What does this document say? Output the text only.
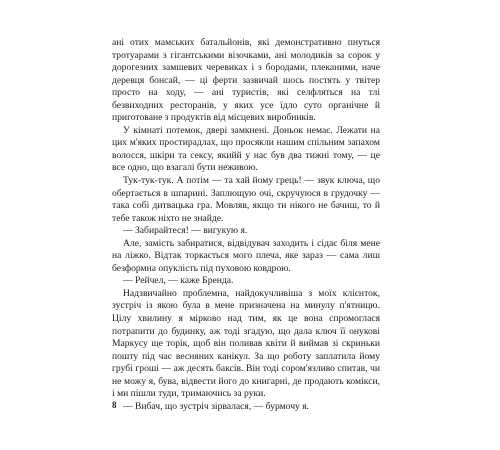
ані отих мамських батальйонів, які демонстративно пнуться тротуарами з гігантськими візочками, ані молодиків за сорок у дорогезних замшевих черевиках і з бородами, плеканими, наче деревця бонсай, — ці ферти зазвичай шось постять у твітер просто на ходу, — ані туристів, які селфляться на тлі безвиходних ресторанів, у яких усе їдло суто органічне й приготоване з продуктів від місцевих виробників.

У кімнаті потемок, двері замкнені. Доньок немає. Лежати на цих м'яких простирадлах, що просякли нашим спільним запахом волосся, шкіри та сексу, якийй у нас був два тижні тому, — це все одно, що взагалі бути неживою.

Тук-тук-тук. А потім — та хай йому грець! — звук ключа, що обертається в шпарині. Заплющую очі, скручуюся в грудочку — така собі дитвацька гра. Мовляв, якщо ти нікого не бачиш, то й тебе також ніхто не знайде.

— Забирайтеся! — вигукую я.

Але, замість забиратися, відвідувач заходить і сідає біля мене на ліжко. Відтак торкається мого плеча, яке зараз — сама лиш безформна опуклість під пуховою ковдрою.

— Рейчел, — каже Бренда.

Надзвичайно проблемна, найдокучливіша з моїх клієнток, зустріч із якою була в мене призначена на минулу п'ятницю. Цілу хвилину я мірково над тим, як це вона спромоглася потрапити до будинку, аж тоді згадую, що дала ключ її онукові Маркусу ще торік, щоб він поливав квіти й виймав зі скриньки пошту під час весняних канікул. За що роботу заплатила йому грубі гроші — аж десять баксів. Він тоді сором'язливо спитав, чи не можу я, бува, відвести його до книгарні, де продають комікси, і ми пішли туди, тримаючись за руки.

— Вибач, що зустріч зірвалася, — бурмочу я.

8
